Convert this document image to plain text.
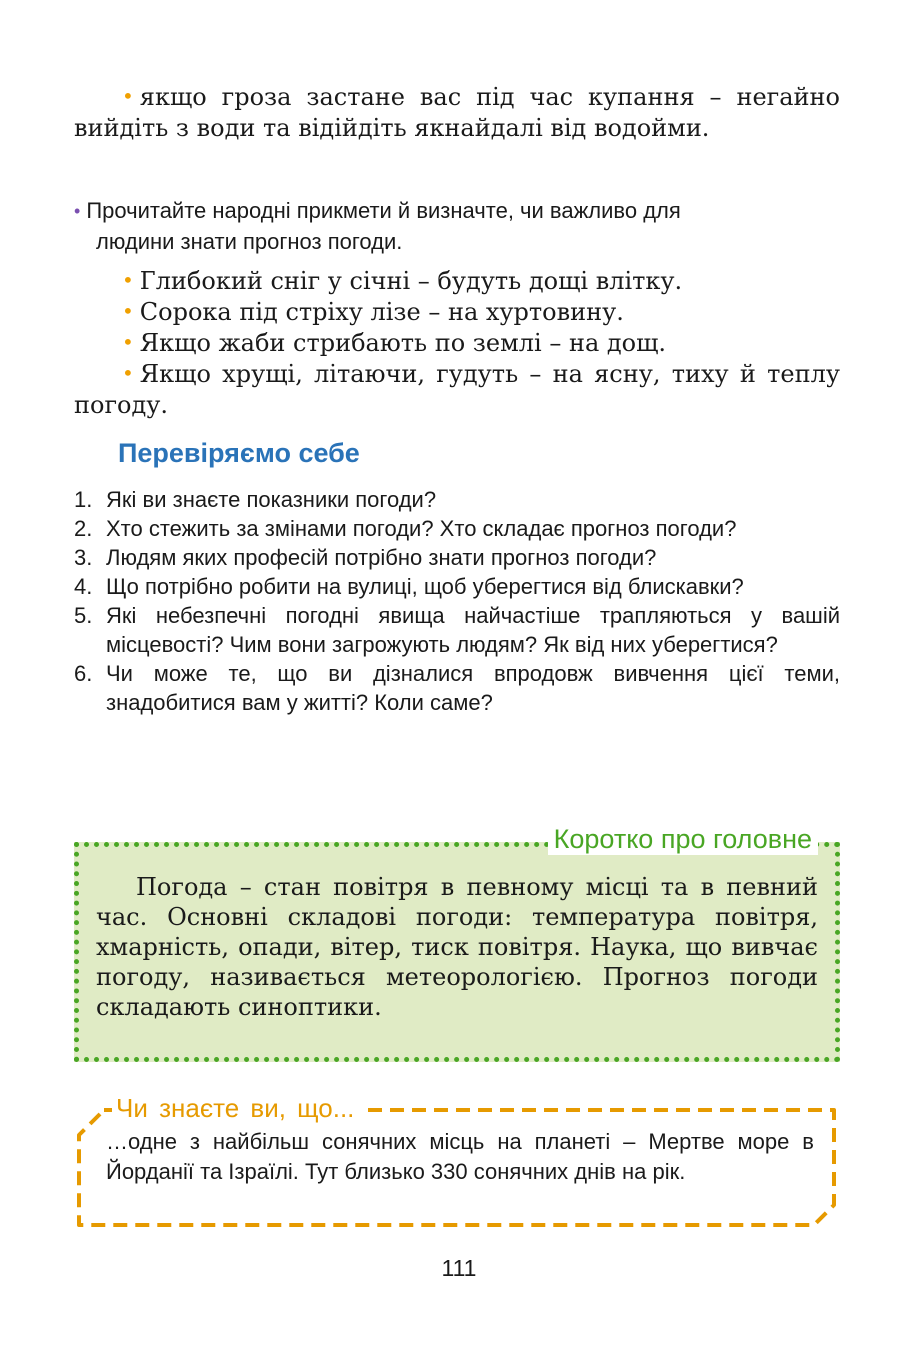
• якщо гроза застане вас під час купання – негайно вийдіть з води та відійдіть якнайдалі від водойми.

• Прочитайте народні прикмети й визначте, чи важливо для
людини знати прогноз погоди.
• Глибокий сніг у січні – будуть дощі влітку.
• Сорока під стріху лізе – на хуртовину.
• Якщо жаби стрибають по землі – на дощ.

• Якщо хрущі, літаючи, гудуть – на ясну, тиху й теплу погоду.

Перевіряємо себе
1. Які ви знаєте показники погоди?
2. Хто стежить за змінами погоди? Хто складає прогноз погоди?
3. Людям яких професій потрібно знати прогноз погоди?
4. Що потрібно робити на вулиці, щоб уберегтися від блискавки?
5. Які небезпечні погодні явища найчастіше трапляються у вашій місцевості? Чим вони загрожують людям? Як від них уберегтися?
6. Чи може те, що ви дізналися впродовж вивчення цієї теми, знадобитися вам у житті? Коли саме?
Коротко про головне

Погода – стан повітря в певному місці та в певний час. Основні складові погоди: температура повітря, хмарність, опади, вітер, тиск повітря. Наука, що вивчає погоду, називається метеорологією. Прогноз погоди складають синоптики.

Чи знаєте ви, що...
…одне з найбільш сонячних місць на планеті – Мертве море в Йорданії та Ізраїлі. Тут близько 330 сонячних днів на рік.
111
